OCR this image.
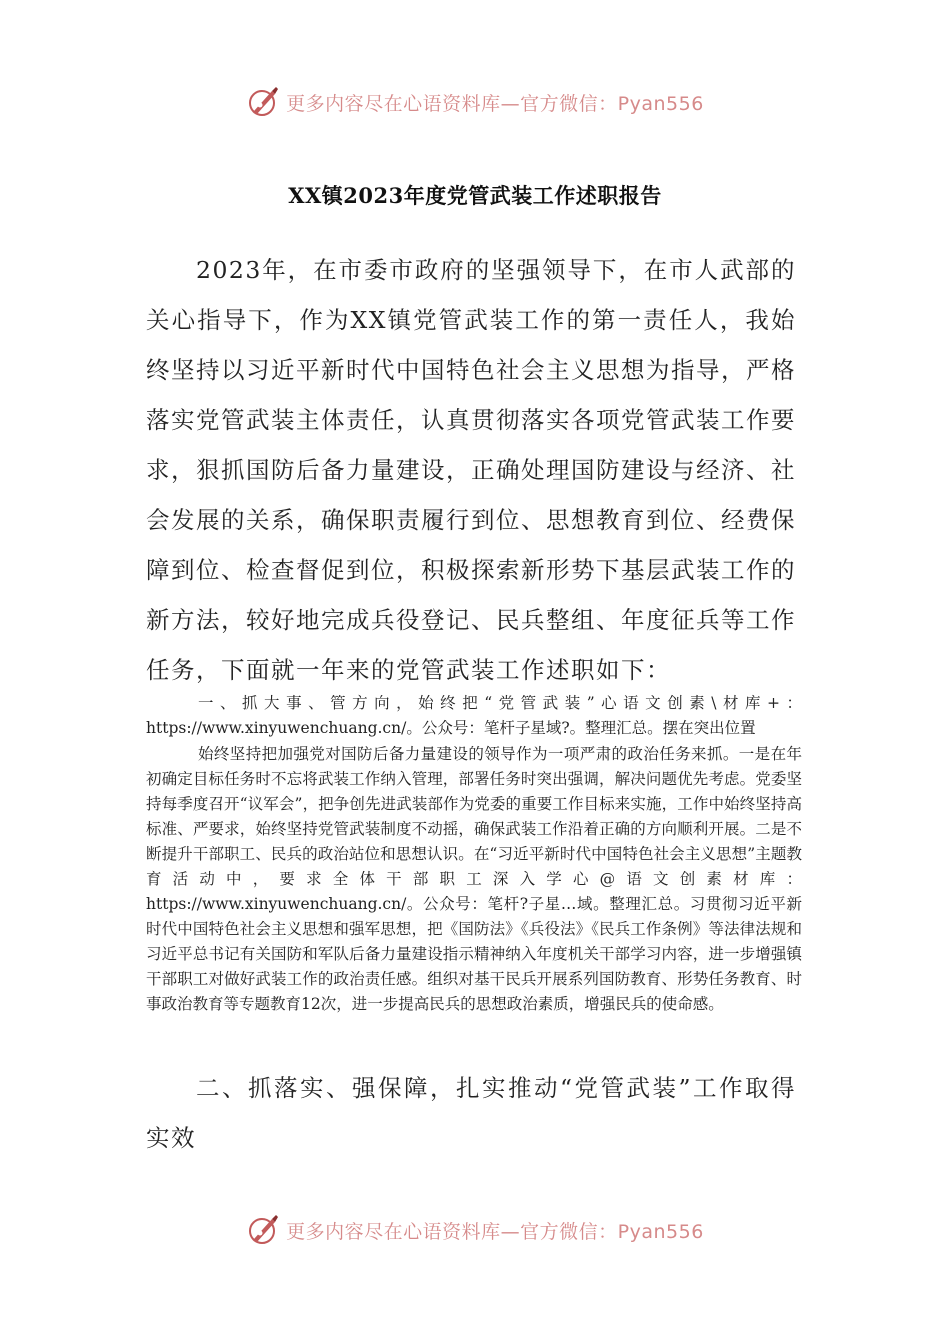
更多内容尽在心语资料库—官方微信：Pyan556
XX镇2023年度党管武装工作述职报告

2023年，在市委市政府的坚强领导下，在市人武部的关心指导下，作为XX镇党管武装工作的第一责任人，我始终坚持以习近平新时代中国特色社会主义思想为指导，严格落实党管武装主体责任，认真贯彻落实各项党管武装工作要求，狠抓国防后备力量建设，正确处理国防建设与经济、社会发展的关系，确保职责履行到位、思想教育到位、经费保障到位、检查督促到位，积极探索新形势下基层武装工作的新方法，较好地完成兵役登记、民兵整组、年度征兵等工作任务，下面就一年来的党管武装工作述职如下：

一、抓大事、管方向，始终把“党管武装”心语文创素\材库+：https://www.xinyuwenchuang.cn/。公众号：笔杆子星域?。整理汇总。摆在突出位置

始终坚持把加强党对国防后备力量建设的领导作为一项严肃的政治任务来抓。一是在年初确定目标任务时不忘将武装工作纳入管理，部署任务时突出强调，解决问题优先考虑。党委坚持每季度召开“议军会”，把争创先进武装部作为党委的重要工作目标来实施，工作中始终坚持高标准、严要求，始终坚持党管武装制度不动摇，确保武装工作沿着正确的方向顺利开展。二是不断提升干部职工、民兵的政治站位和思想认识。在“习近平新时代中国特色社会主义思想”主题教育活动中，要求全体干部职工深入学心@语文创素材库：https://www.xinyuwenchuang.cn/。公众号：笔杆?子星…域。整理汇总。习贯彻习近平新时代中国特色社会主义思想和强军思想，把《国防法》《兵役法》《民兵工作条例》等法律法规和习近平总书记有关国防和军队后备力量建设指示精神纳入年度机关干部学习内容，进一步增强镇干部职工对做好武装工作的政治责任感。组织对基干民兵开展系列国防教育、形势任务教育、时事政治教育等专题教育12次，进一步提高民兵的思想政治素质，增强民兵的使命感。

二、抓落实、强保障，扎实推动“党管武装”工作取得实效

更多内容尽在心语资料库—官方微信：Pyan556
